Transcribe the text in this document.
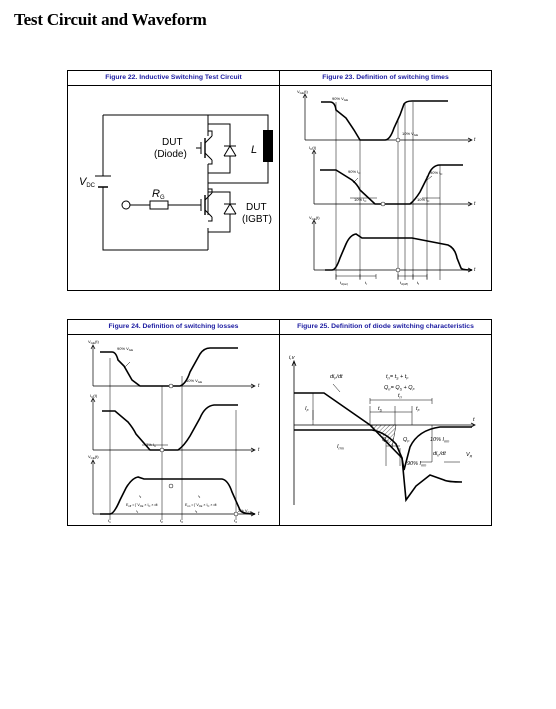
Test Circuit and Waveform
Figure 22. Inductive Switching Test Circuit	Figure 23. Definition of switching times
DUT
(Diode)	L
VDC
RG
DUT
(IGBT)
$V_{GE}(t)$
90% $V_{GE}$
10% $V_{GE}$
t
$I_C(t)$
90% $I_C$	90% $I_C$
10% $I_C$	10% $I_C$	t
$V_{CE}(t)$
t
$t_{d(on)}$	$t_r$	$t_{d(off)}$ $t_f$
Figure 24. Definition of switching losses	Figure 25. Definition of diode switching characteristics
$V_{GE}(t)$
90% $V_{GE}$
10% $V_{GE}$
t
$I_C(t)$
2% $I_C$
t
$V_{CE}(t)$
$E_{off}$ = ∫ $V_{CE} \times I_C$ × dt	$E_{on}$ = ∫ $V_{CE} \times I_C$ × dt
$t_2$
$t_1$
$t_4$
$t_3$	2% $V_{CE}$ t
$t_1$	$t_2$	$t_3$	$t_4$
i,v
$di_F/dt$	$t_{rr}= t_S + t_F$
$Q_{rr}= Q_S + Q_F$
$t_{rr}$
$t_S$	$t_F$
$I_F$
$Q_S$	$Q_F$
$I_{rrm}$
10% $I_{rrm}$
$di_{rr}/dt$
90% $I_{rrm}$
$V_R$
t
